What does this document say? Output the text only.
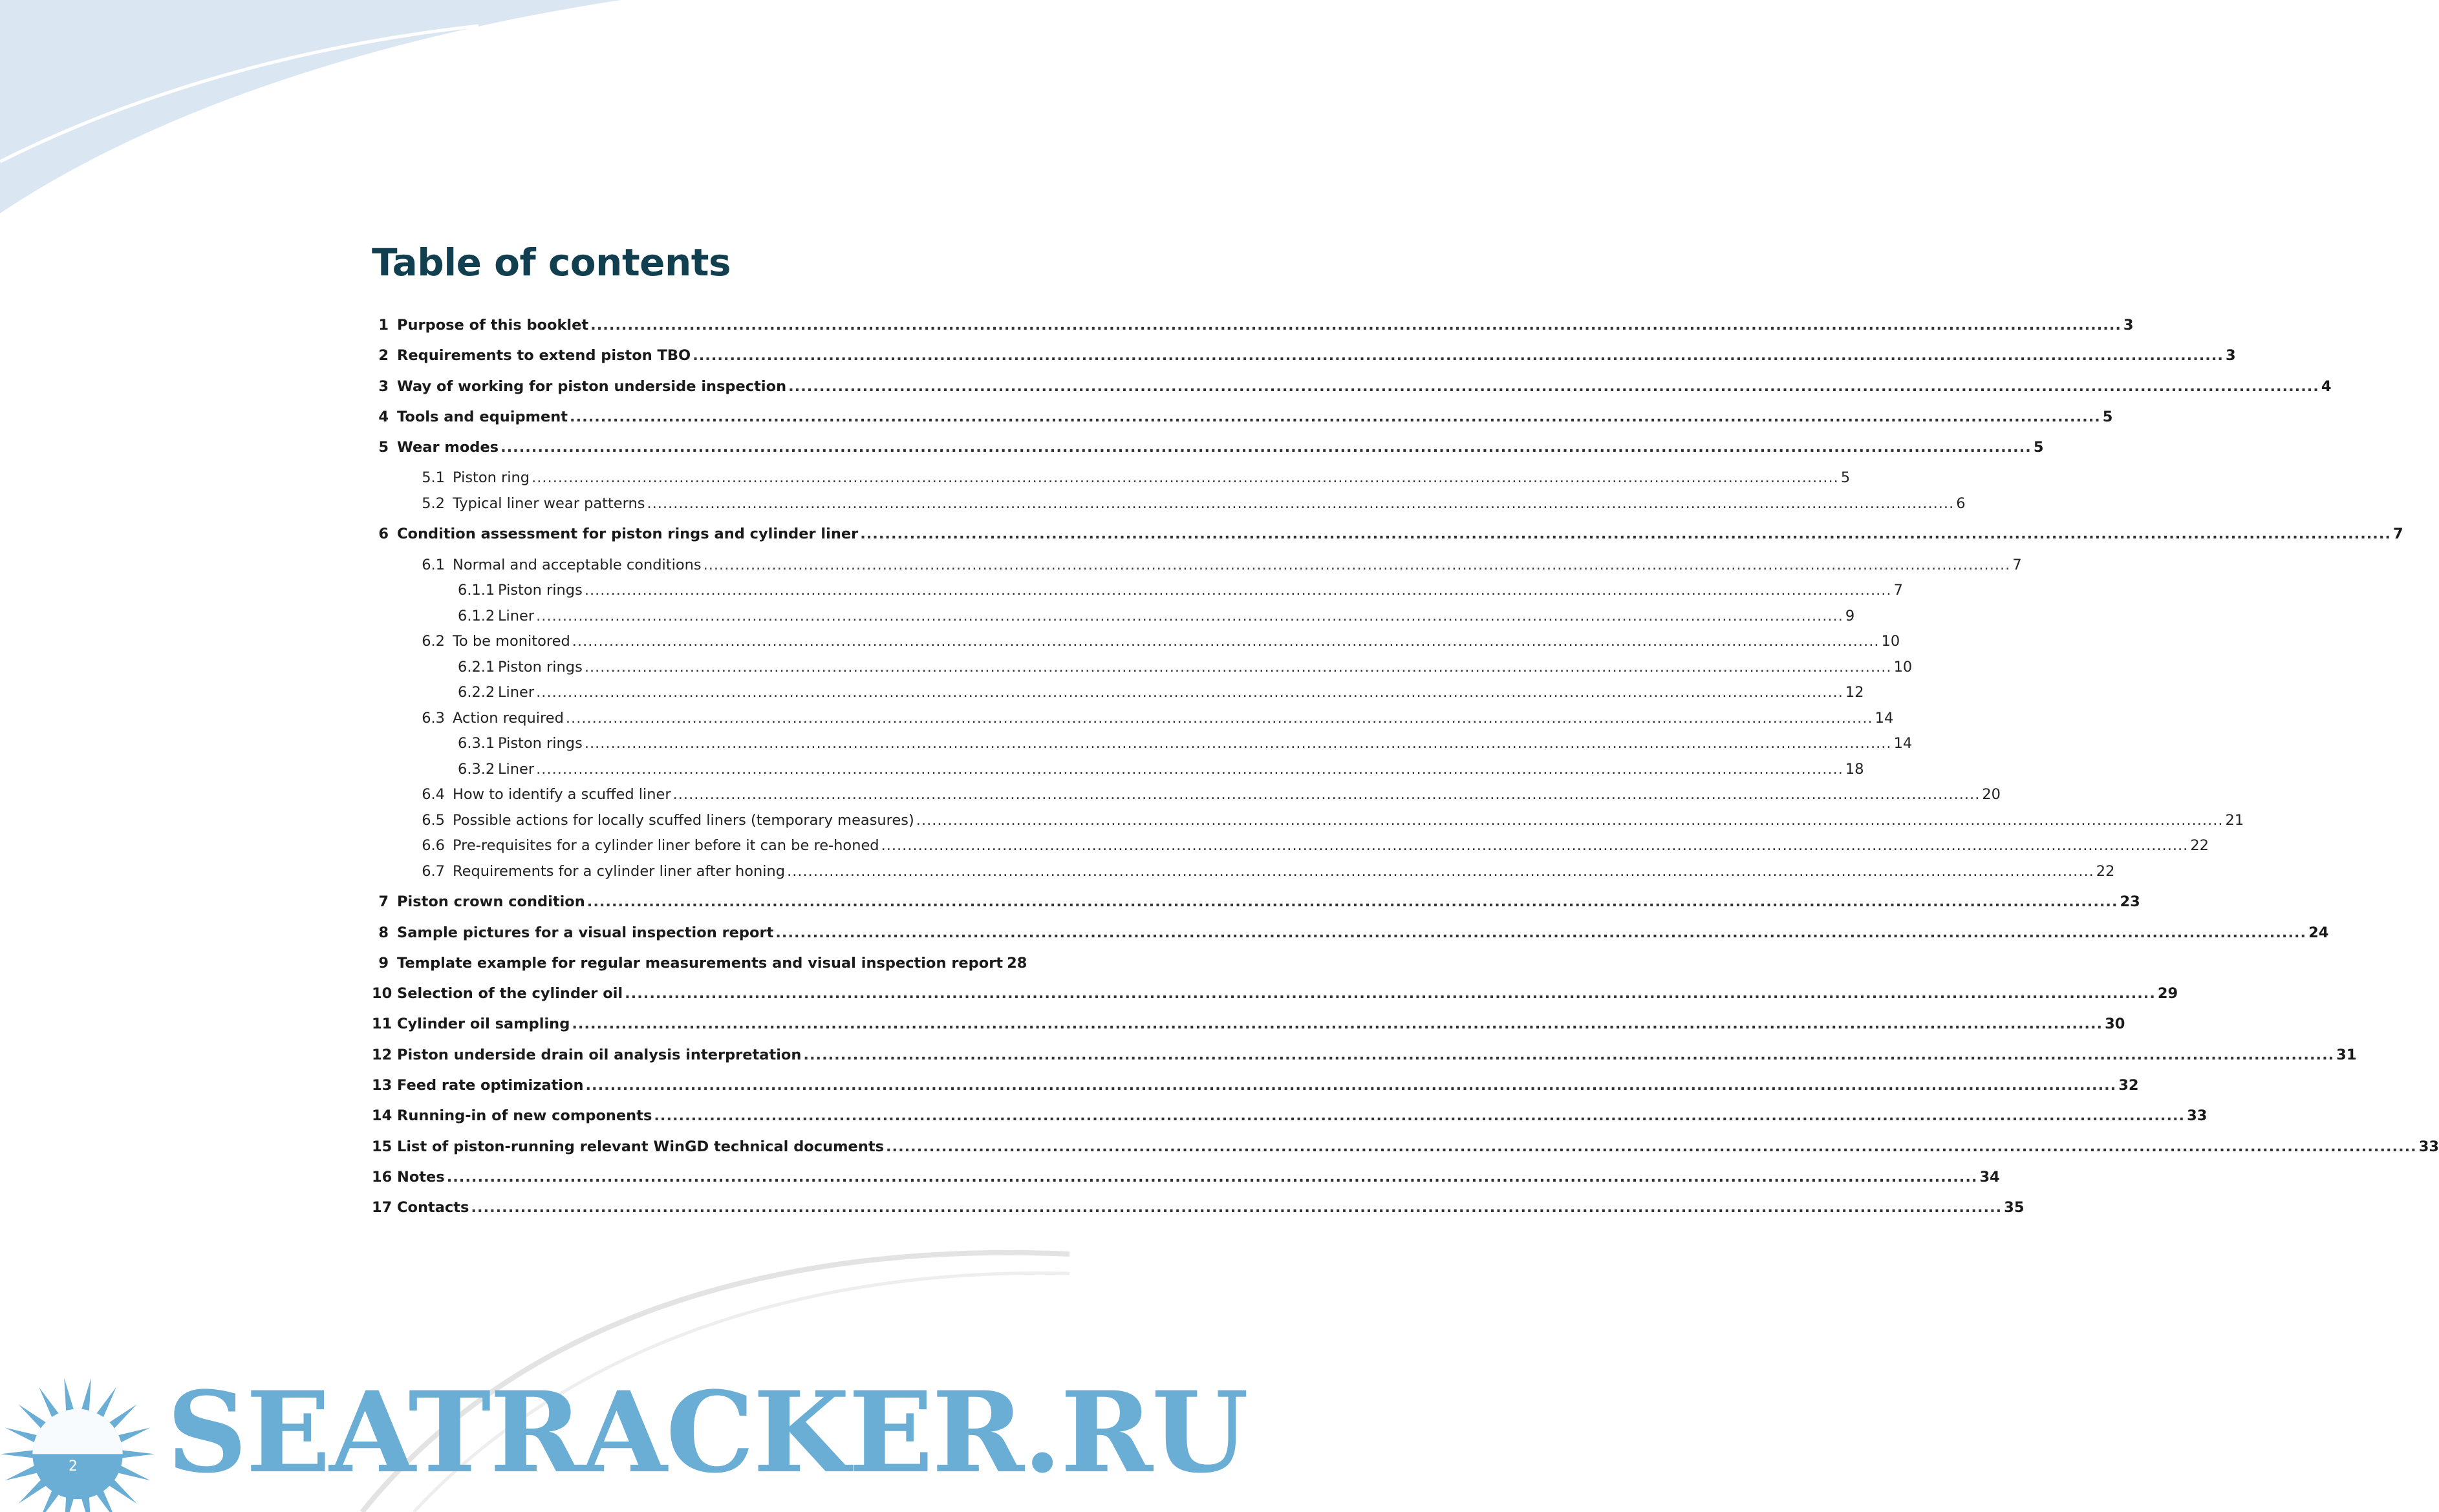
SEATRACKER.RU
2
Table of contents
1 Purpose of this booklet .....	3
2 Requirements to extend piston TBO .....	3
3 Way of working for piston underside inspection .....	4
4 Tools and equipment .....	5
5 Wear modes .....	5
5.1 Piston ring .....	5
5.2 Typical liner wear patterns .....	6
6 Condition assessment for piston rings and cylinder liner .....	7
6.1 Normal and acceptable conditions .....	7
6.1.1 Piston rings .....	7
6.1.2 Liner .....	9
6.2 To be monitored .....	10
6.2.1 Piston rings .....	10
6.2.2 Liner .....	12
6.3 Action required .....	14
6.3.1 Piston rings .....	14
6.3.2 Liner .....	18
6.4 How to identify a scuffed liner .....	20
6.5 Possible actions for locally scuffed liners (temporary measures) .....	21
6.6 Pre-requisites for a cylinder liner before it can be re-honed .....	22
6.7 Requirements for a cylinder liner after honing .....	22
7 Piston crown condition .....	23
8 Sample pictures for a visual inspection report .....	24
9 Template example for regular measurements and visual inspection report 28
10 Selection of the cylinder oil .....	29
11 Cylinder oil sampling .....	30
12 Piston underside drain oil analysis interpretation .....	31
13 Feed rate optimization .....	32
14 Running-in of new components .....	33
15 List of piston-running relevant WinGD technical documents .....	33
16 Notes .....	34
17 Contacts .....	35
